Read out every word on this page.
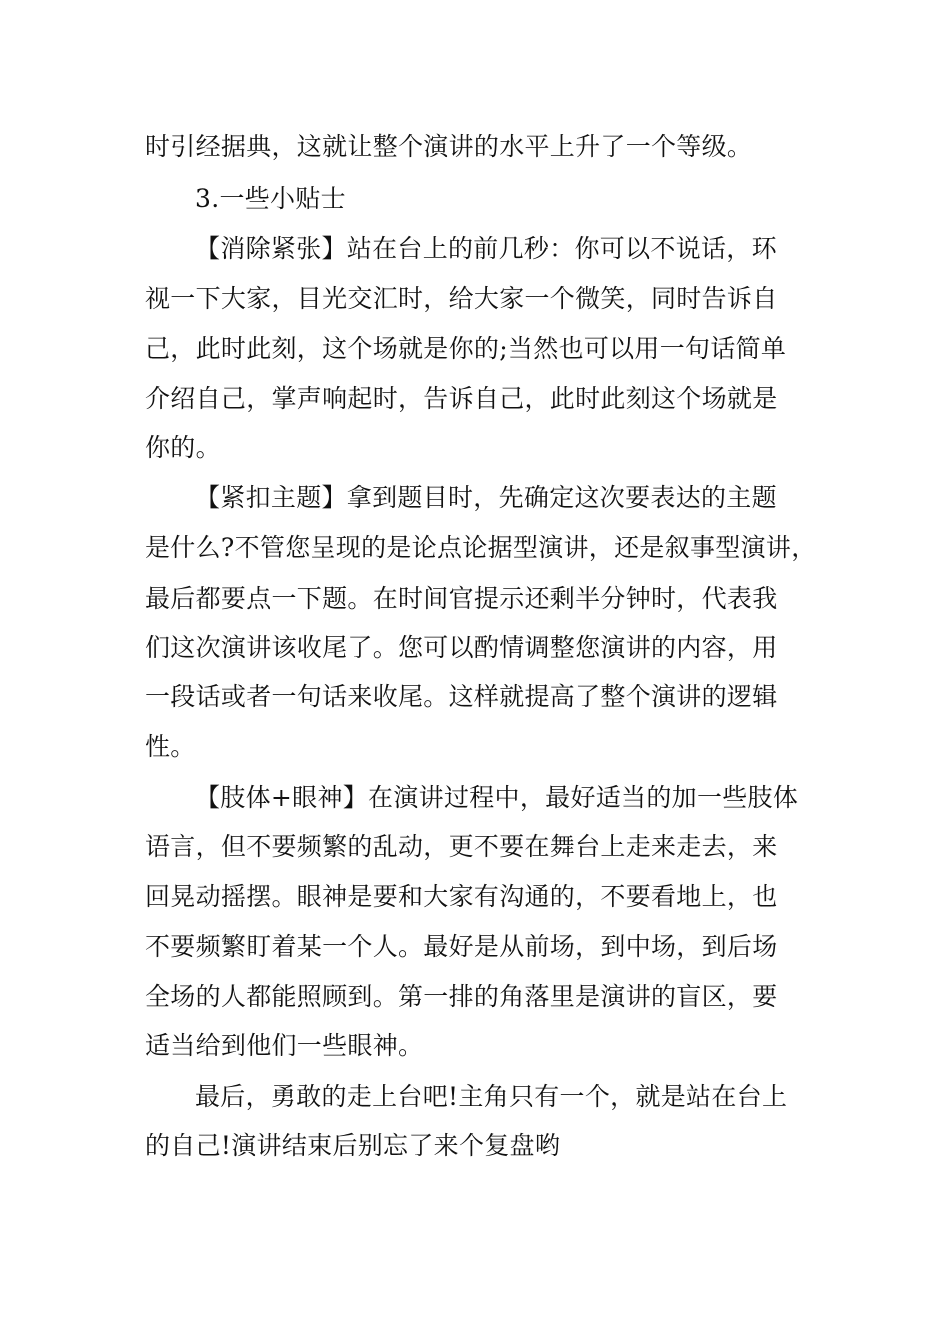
时引经据典，这就让整个演讲的水平上升了一个等级。
3.一些小贴士
【消除紧张】站在台上的前几秒：你可以不说话，环
视一下大家，目光交汇时，给大家一个微笑，同时告诉自
己，此时此刻，这个场就是你的;当然也可以用一句话简单
介绍自己，掌声响起时，告诉自己，此时此刻这个场就是
你的。
【紧扣主题】拿到题目时，先确定这次要表达的主题
是什么?不管您呈现的是论点论据型演讲，还是叙事型演讲，
最后都要点一下题。在时间官提示还剩半分钟时，代表我
们这次演讲该收尾了。您可以酌情调整您演讲的内容，用
一段话或者一句话来收尾。这样就提高了整个演讲的逻辑
性。
【肢体+眼神】在演讲过程中，最好适当的加一些肢体
语言，但不要频繁的乱动，更不要在舞台上走来走去，来
回晃动摇摆。眼神是要和大家有沟通的，不要看地上，也
不要频繁盯着某一个人。最好是从前场，到中场，到后场
全场的人都能照顾到。第一排的角落里是演讲的盲区，要
适当给到他们一些眼神。
最后，勇敢的走上台吧!主角只有一个，就是站在台上
的自己!演讲结束后别忘了来个复盘哟
